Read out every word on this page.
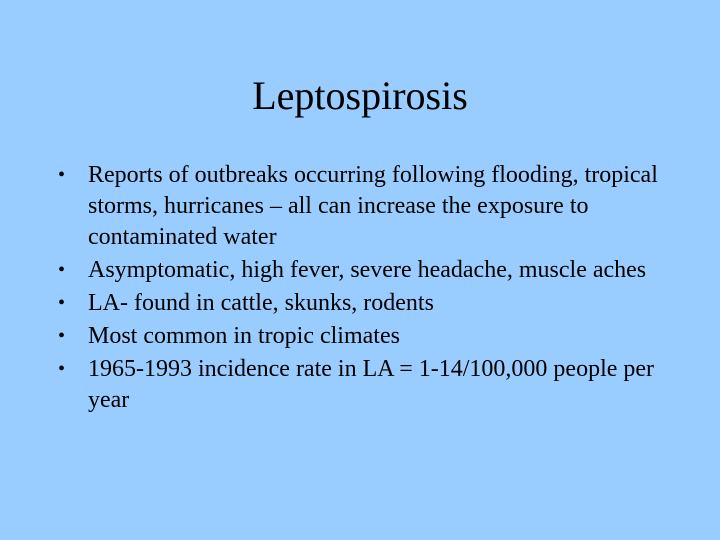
Leptospirosis
• Reports of outbreaks occurring following flooding, tropical storms, hurricanes – all can increase the exposure to contaminated water
• Asymptomatic, high fever, severe headache, muscle aches
• LA- found in cattle, skunks, rodents
• Most common in tropic climates
• 1965-1993 incidence rate in LA = 1-14/100,000 people per year
